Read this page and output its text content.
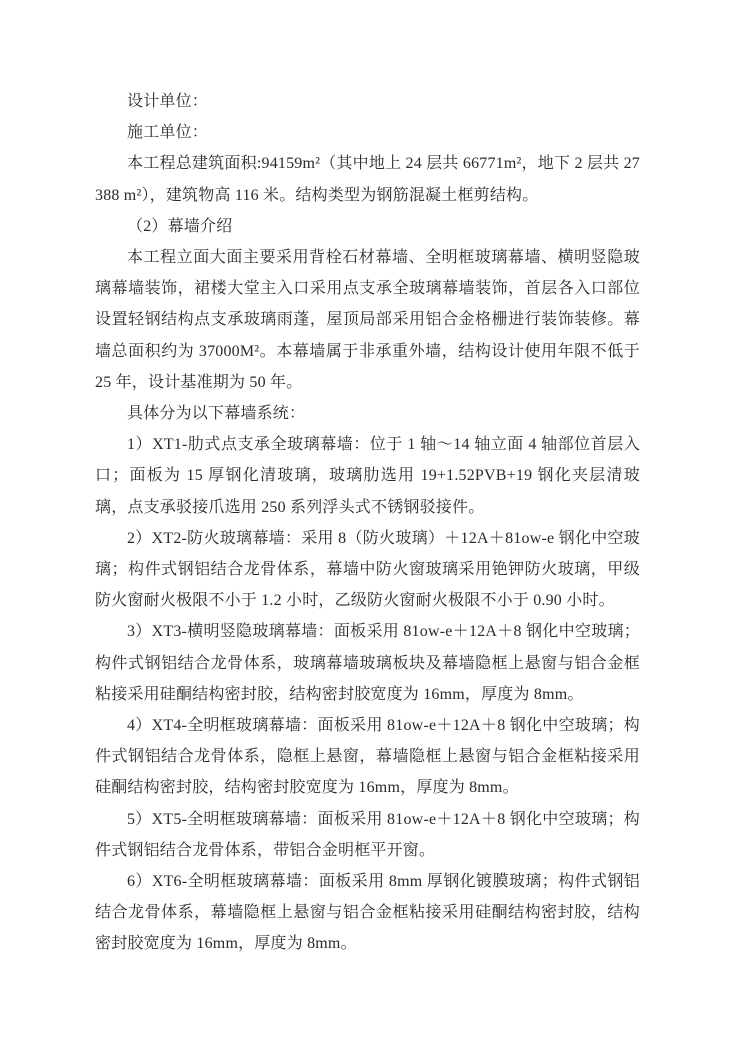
设计单位：

施工单位：

本工程总建筑面积:94159m²（其中地上 24 层共 66771m²，地下 2 层共 27388 m²），建筑物高 116 米。结构类型为钢筋混凝土框剪结构。

（2）幕墙介绍

本工程立面大面主要采用背栓石材幕墙、全明框玻璃幕墙、横明竖隐玻璃幕墙装饰，裙楼大堂主入口采用点支承全玻璃幕墙装饰，首层各入口部位设置轻钢结构点支承玻璃雨蓬，屋顶局部采用铝合金格栅进行装饰装修。幕墙总面积约为 37000M²。本幕墙属于非承重外墙，结构设计使用年限不低于 25 年，设计基准期为 50 年。

具体分为以下幕墙系统：

1）XT1-肋式点支承全玻璃幕墙：位于 1 轴～14 轴立面 4 轴部位首层入口；面板为 15 厚钢化清玻璃，玻璃肋选用 19+1.52PVB+19 钢化夹层清玻璃，点支承驳接爪选用 250 系列浮头式不锈钢驳接件。

2）XT2-防火玻璃幕墙：采用 8（防火玻璃）＋12A＋81ow-e 钢化中空玻璃；构件式钢铝结合龙骨体系，幕墙中防火窗玻璃采用铯钾防火玻璃，甲级防火窗耐火极限不小于 1.2 小时，乙级防火窗耐火极限不小于 0.90 小时。

3）XT3-横明竖隐玻璃幕墙：面板采用 81ow-e＋12A＋8 钢化中空玻璃；构件式钢铝结合龙骨体系，玻璃幕墙玻璃板块及幕墙隐框上悬窗与铝合金框粘接采用硅酮结构密封胶，结构密封胶宽度为 16mm，厚度为 8mm。

4）XT4-全明框玻璃幕墙：面板采用 81ow-e＋12A＋8 钢化中空玻璃；构件式钢铝结合龙骨体系，隐框上悬窗，幕墙隐框上悬窗与铝合金框粘接采用硅酮结构密封胶，结构密封胶宽度为 16mm，厚度为 8mm。

5）XT5-全明框玻璃幕墙：面板采用 81ow-e＋12A＋8 钢化中空玻璃；构件式钢铝结合龙骨体系，带铝合金明框平开窗。

6）XT6-全明框玻璃幕墙：面板采用 8mm 厚钢化镀膜玻璃；构件式钢铝结合龙骨体系，幕墙隐框上悬窗与铝合金框粘接采用硅酮结构密封胶，结构密封胶宽度为 16mm，厚度为 8mm。
